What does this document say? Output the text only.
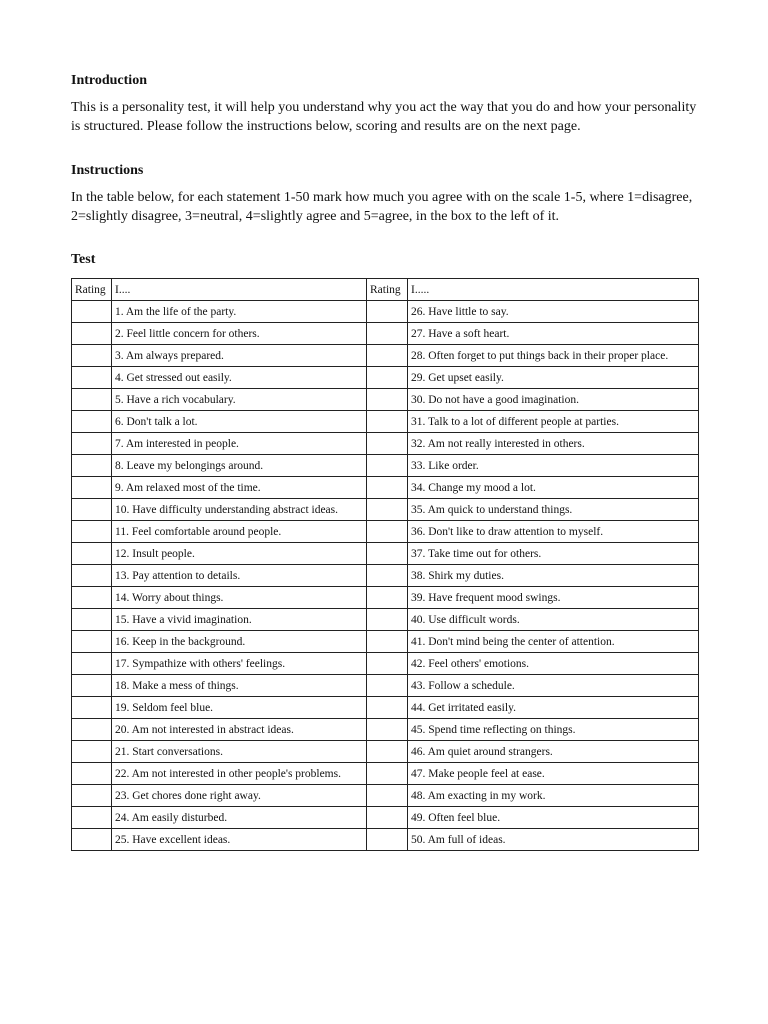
Introduction

This is a personality test, it will help you understand why you act the way that you do and how your personality is structured. Please follow the instructions below, scoring and results are on the next page.

Instructions

In the table below, for each statement 1-50 mark how much you agree with on the scale 1-5, where 1=disagree, 2=slightly disagree, 3=neutral, 4=slightly agree and 5=agree, in the box to the left of it.

Test
Rating	I....	Rating	I.....
	1. Am the life of the party.		26. Have little to say.
	2. Feel little concern for others.		27. Have a soft heart.
	3. Am always prepared.		28. Often forget to put things back in their proper place.
	4. Get stressed out easily.		29. Get upset easily.
	5. Have a rich vocabulary.		30. Do not have a good imagination.
	6. Don't talk a lot.		31. Talk to a lot of different people at parties.
	7. Am interested in people.		32. Am not really interested in others.
	8. Leave my belongings around.		33. Like order.
	9. Am relaxed most of the time.		34. Change my mood a lot.
	10. Have difficulty understanding abstract ideas.		35. Am quick to understand things.
	11. Feel comfortable around people.		36. Don't like to draw attention to myself.
	12. Insult people.		37. Take time out for others.
	13. Pay attention to details.		38. Shirk my duties.
	14. Worry about things.		39. Have frequent mood swings.
	15. Have a vivid imagination.		40. Use difficult words.
	16. Keep in the background.		41. Don't mind being the center of attention.
	17. Sympathize with others' feelings.		42. Feel others' emotions.
	18. Make a mess of things.		43. Follow a schedule.
	19. Seldom feel blue.		44. Get irritated easily.
	20. Am not interested in abstract ideas.		45. Spend time reflecting on things.
	21. Start conversations.		46. Am quiet around strangers.
	22. Am not interested in other people's problems.		47. Make people feel at ease.
	23. Get chores done right away.		48. Am exacting in my work.
	24. Am easily disturbed.		49. Often feel blue.
	25. Have excellent ideas.		50. Am full of ideas.
